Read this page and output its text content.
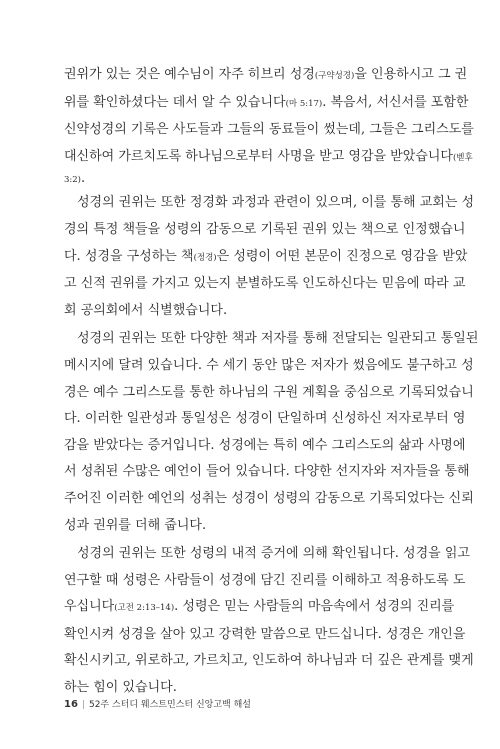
권위가 있는 것은 예수님이 자주 히브리 성경(구약성경)을 인용하시고 그 권
위를 확인하셨다는 데서 알 수 있습니다(마 5:17). 복음서, 서신서를 포함한
신약성경의 기록은 사도들과 그들의 동료들이 썼는데, 그들은 그리스도를
대신하여 가르치도록 하나님으로부터 사명을 받고 영감을 받았습니다(벧후
3:2).
성경의 권위는 또한 정경화 과정과 관련이 있으며, 이를 통해 교회는 성
경의 특정 책들을 성령의 감동으로 기록된 권위 있는 책으로 인정했습니
다. 성경을 구성하는 책(정경)은 성령이 어떤 본문이 진정으로 영감을 받았
고 신적 권위를 가지고 있는지 분별하도록 인도하신다는 믿음에 따라 교
회 공의회에서 식별했습니다.
성경의 권위는 또한 다양한 책과 저자를 통해 전달되는 일관되고 통일된
메시지에 달려 있습니다. 수 세기 동안 많은 저자가 썼음에도 불구하고 성
경은 예수 그리스도를 통한 하나님의 구원 계획을 중심으로 기록되었습니
다. 이러한 일관성과 통일성은 성경이 단일하며 신성하신 저자로부터 영
감을 받았다는 증거입니다. 성경에는 특히 예수 그리스도의 삶과 사명에
서 성취된 수많은 예언이 들어 있습니다. 다양한 선지자와 저자들을 통해
주어진 이러한 예언의 성취는 성경이 성령의 감동으로 기록되었다는 신뢰
성과 권위를 더해 줍니다.
성경의 권위는 또한 성령의 내적 증거에 의해 확인됩니다. 성경을 읽고
연구할 때 성령은 사람들이 성경에 담긴 진리를 이해하고 적용하도록 도
우십니다(고전 2:13–14). 성령은 믿는 사람들의 마음속에서 성경의 진리를
확인시켜 성경을 살아 있고 강력한 말씀으로 만드십니다. 성경은 개인을
확신시키고, 위로하고, 가르치고, 인도하여 하나님과 더 깊은 관계를 맺게
하는 힘이 있습니다.
16 | 52주 스터디 웨스트민스터 신앙고백 해설
